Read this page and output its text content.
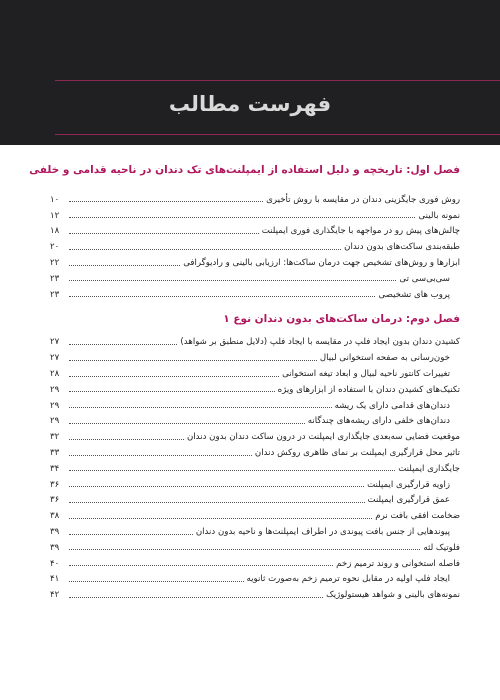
فهرست مطالب
فصل اول: تاریخچه و دلیل استفاده از ایمپلنت‌های تک دندان در ناحیه قدامی و خلفی
روش فوری جایگزینی دندان در مقایسه با روش تأخیری
۱۰
نمونه بالینی
۱۲
چالش‌های پیش رو در مواجهه با جایگذاری فوری ایمپلنت
۱۸
طبقه‌بندی ساکت‌های بدون دندان
۲۰
ابزارها و روش‌های تشخیص جهت درمان ساکت‌ها: ارزیابی بالینی و رادیوگرافی
۲۲
سی‌بی‌سی تی
۲۳
پروب های تشخیصی
۲۳
فصل دوم: درمان ساکت‌های بدون دندان نوع ۱
کشیدن دندان بدون ایجاد فلپ در مقایسه با ایجاد فلپ (دلایل منطبق بر شواهد)
۲۷
خون‌رسانی به صفحه استخوانی لبیال
۲۷
تغییرات کانتور ناحیه لبیال و ابعاد تیغه استخوانی
۲۸
تکنیک‌های کشیدن دندان با استفاده از ابزارهای ویژه
۲۹
دندان‌های قدامی دارای یک ریشه
۲۹
دندان‌های خلفی دارای ریشه‌های چندگانه
۲۹
موقعیت فضایی سه‌بعدی جایگذاری ایمپلنت در درون ساکت دندان بدون دندان
۳۲
تاثیر محل قرارگیری ایمپلنت بر نمای ظاهری روکش دندان
۳۳
جایگذاری ایمپلنت
۳۴
زاویه قرارگیری ایمپلنت
۳۶
عمق قرارگیری ایمپلنت
۳۶
ضخامت افقی بافت نرم
۳۸
پیوندهایی از جنس بافت پیوندی در اطراف ایمپلنت‌ها و ناحیه بدون دندان
۳۹
فلوتیک لثه
۳۹
فاصله استخوانی و روند ترمیم زخم
۴۰
ایجاد فلپ اولیه در مقابل نحوه ترمیم زخم به‌صورت ثانویه
۴۱
نمونه‌های بالینی و شواهد هیستولوژیک
۴۲
